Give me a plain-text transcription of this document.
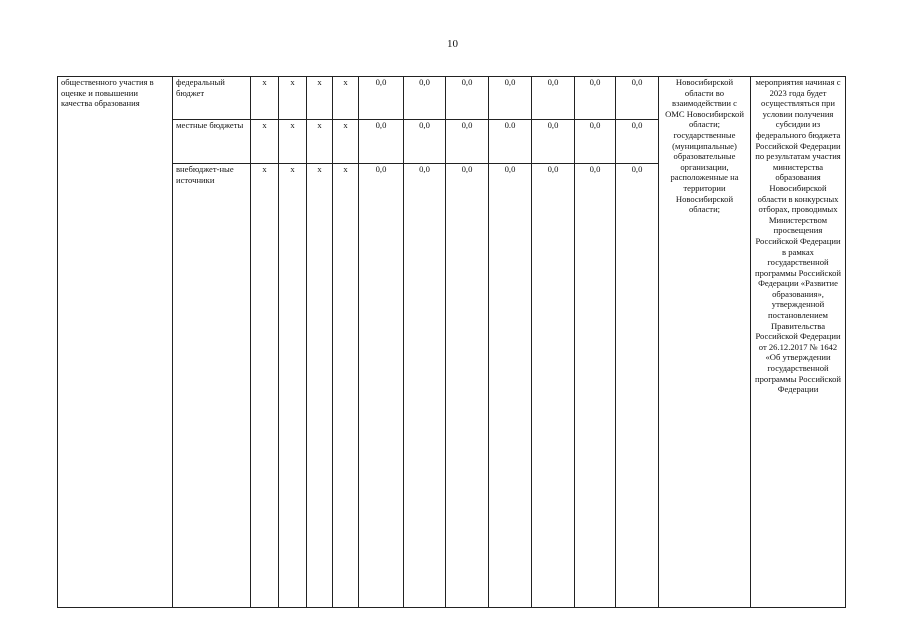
10
общественного участия в оценке и повышении качества образования	федеральный бюджет	x	x	x	x	0,0	0,0	0,0	0,0	0,0	0,0	0,0	Новосибирской области во взаимодействии с ОМС Новосибирской области; государственные (муниципальные) образовательные организации, расположенные на территории Новосибирской области;	мероприятия начиная с 2023 года будет осуществляться при условии получения субсидии из федерального бюджета Российской Федерации по результатам участия министерства образования Новосибирской области в конкурсных отборах, проводимых Министерством просвещения Российской Федерации в рамках государственной программы Российской Федерации «Развитие образования», утвержденной постановлением Правительства Российской Федерации от 26.12.2017 № 1642 «Об утверждении государственной программы Российской Федерации
	местные бюджеты	x	x	x	x	0,0	0,0	0,0	0.0	0,0	0,0	0,0		
	внебюджет-ные источники	x	x	x	x	0,0	0,0	0,0	0,0	0,0	0,0	0,0		
